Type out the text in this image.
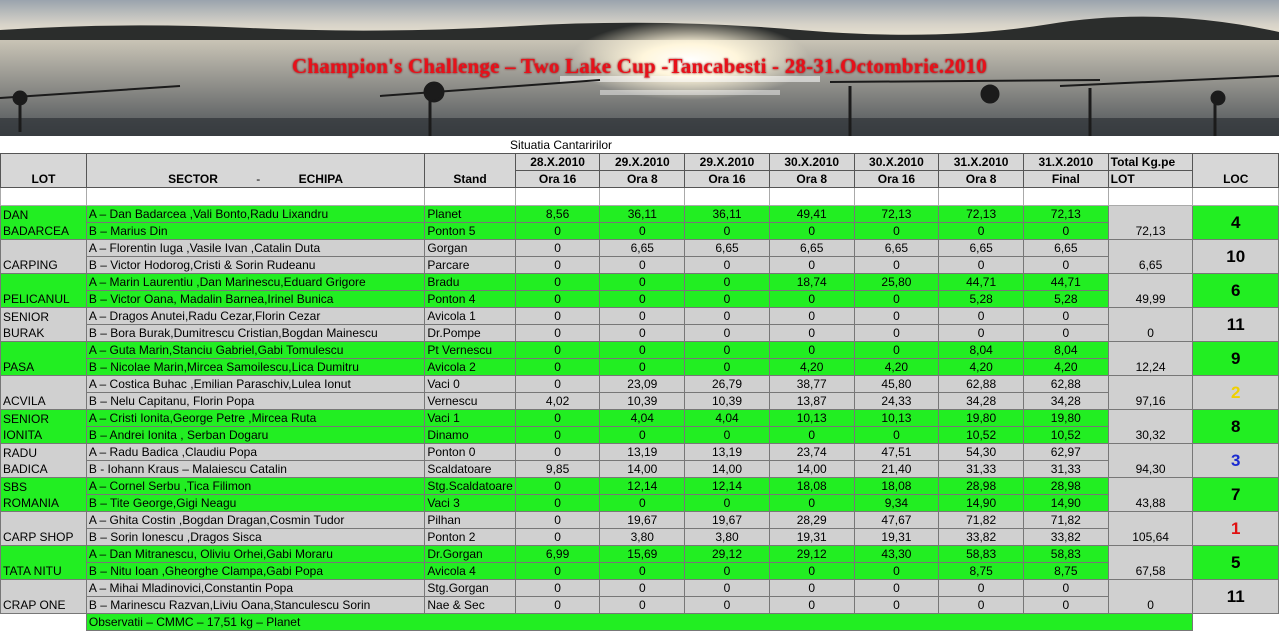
Champion's Challenge – Two Lake Cup -Tancabesti - 28-31.Octombrie.2010
Situatia Cantaririlor
LOT	SECTOR - ECHIPA	Stand	28.X.2010	29.X.2010	29.X.2010	30.X.2010	30.X.2010	31.X.2010	31.X.2010	Total Kg.pe	LOC
			Ora 16	Ora 8	Ora 16	Ora 8	Ora 16	Ora 8	Final	LOT	

DAN
BADARCEA	A – Dan Badarcea ,Vali Bonto,Radu Lixandru	Planet	8,56	36,11	36,11	49,41	72,13	72,13	72,13	72,13	4
	B – Marius Din	Ponton 5	0	0	0	0	0	0	0		

CARPING	A – Florentin Iuga ,Vasile Ivan ,Catalin Duta	Gorgan	0	6,65	6,65	6,65	6,65	6,65	6,65	6,65	10
	B – Victor Hodorog,Cristi & Sorin Rudeanu	Parcare	0	0	0	0	0	0	0		

PELICANUL	A – Marin Laurentiu ,Dan Marinescu,Eduard Grigore	Bradu	0	0	0	18,74	25,80	44,71	44,71	49,99	6
	B – Victor Oana, Madalin Barnea,Irinel Bunica	Ponton 4	0	0	0	0	0	5,28	5,28		

SENIOR
BURAK	A – Dragos Anutei,Radu Cezar,Florin Cezar	Avicola 1	0	0	0	0	0	0	0	0	11
	B – Bora Burak,Dumitrescu Cristian,Bogdan Mainescu	Dr.Pompe	0	0	0	0	0	0	0		

PASA	A – Guta Marin,Stanciu Gabriel,Gabi Tomulescu	Pt Vernescu	0	0	0	0	0	8,04	8,04	12,24	9
	B – Nicolae Marin,Mircea Samoilescu,Lica Dumitru	Avicola 2	0	0	0	4,20	4,20	4,20	4,20		

ACVILA	A – Costica Buhac ,Emilian Paraschiv,Lulea Ionut	Vaci 0	0	23,09	26,79	38,77	45,80	62,88	62,88	97,16	2
	B – Nelu Capitanu, Florin Popa	Vernescu	4,02	10,39	10,39	13,87	24,33	34,28	34,28		

SENIOR
IONITA	A – Cristi Ionita,George Petre ,Mircea Ruta	Vaci 1	0	4,04	4,04	10,13	10,13	19,80	19,80	30,32	8
	B – Andrei Ionita , Serban Dogaru	Dinamo	0	0	0	0	0	10,52	10,52		

RADU
BADICA	A – Radu Badica ,Claudiu Popa	Ponton 0	0	13,19	13,19	23,74	47,51	54,30	62,97	94,30	3
	B - Iohann Kraus – Malaiescu Catalin	Scaldatoare	9,85	14,00	14,00	14,00	21,40	31,33	31,33		

SBS
ROMANIA	A – Cornel Serbu ,Tica Filimon	Stg.Scaldatoare	0	12,14	12,14	18,08	18,08	28,98	28,98	43,88	7
	B – Tite George,Gigi Neagu	Vaci 3	0	0	0	0	9,34	14,90	14,90		

CARP SHOP	A – Ghita Costin ,Bogdan Dragan,Cosmin Tudor	Pilhan	0	19,67	19,67	28,29	47,67	71,82	71,82	105,64	1
	B – Sorin Ionescu ,Dragos Sisca	Ponton 2	0	3,80	3,80	19,31	19,31	33,82	33,82		

TATA NITU	A – Dan Mitranescu, Oliviu Orhei,Gabi Moraru	Dr.Gorgan	6,99	15,69	29,12	29,12	43,30	58,83	58,83	67,58	5
	B – Nitu Ioan ,Gheorghe Clampa,Gabi Popa	Avicola 4	0	0	0	0	0	8,75	8,75		

CRAP ONE	A – Mihai Mladinovici,Constantin Popa	Stg.Gorgan	0	0	0	0	0	0	0	0	11
	B – Marinescu Razvan,Liviu Oana,Stanculescu Sorin	Nae & Sec	0	0	0	0	0	0	0		
	Observatii – CMMC – 17,51 kg – Planet										
